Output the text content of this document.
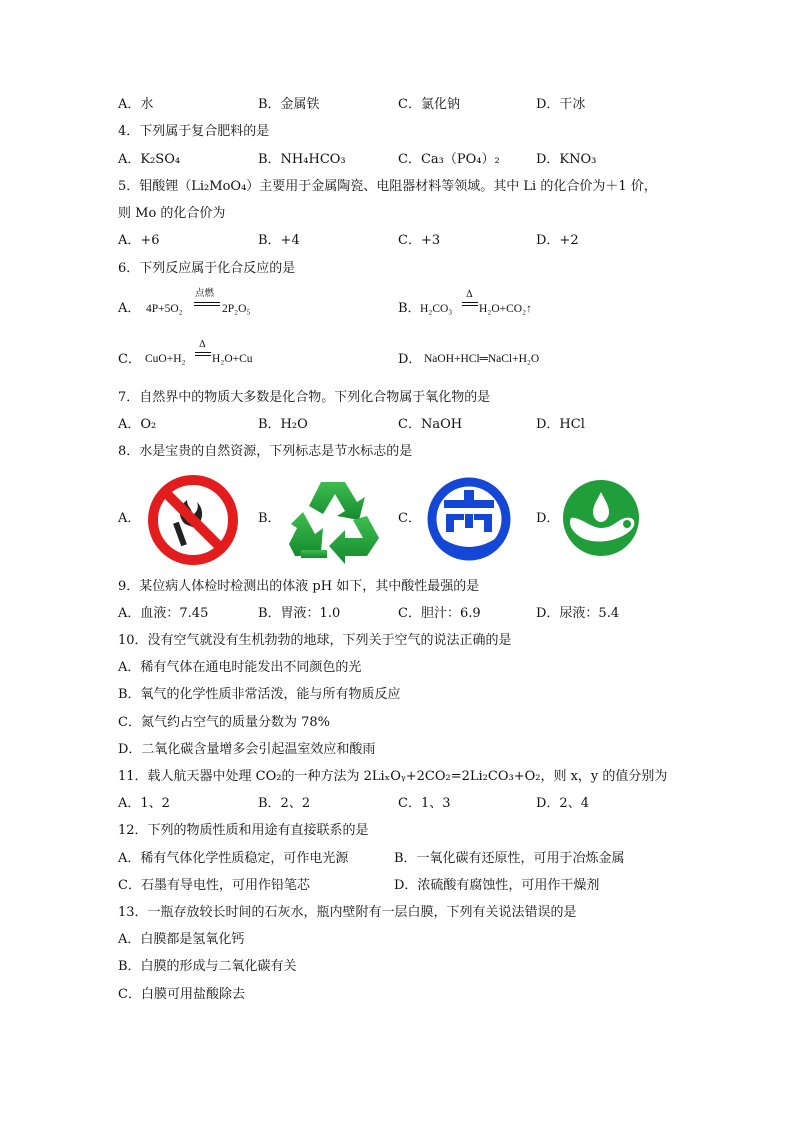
A．水	B．金属铁	C．氯化钠	D．干冰
4．下列属于复合肥料的是
A．K₂SO₄	B．NH₄HCO₃	C．Ca₃（PO₄）₂	D．KNO₃
5．钼酸锂（Li₂MoO₄）主要用于金属陶瓷、电阻器材料等领域。其中 Li 的化合价为＋1 价，
则 Mo 的化合价为
A．+6	B．+4	C．+3	D．+2
6．下列反应属于化合反应的是
A． 4P+5O₂
点燃
2P₂O₅	B． H₂CO₃
Δ
H₂O+CO₂↑
C． CuO+H₂
Δ
H₂O+Cu	D． NaOH+HCl═NaCl+H₂O
7．自然界中的物质大多数是化合物。下列化合物属于氧化物的是
A．O₂	B．H₂O	C．NaOH	D．HCl
8．水是宝贵的自然资源，下列标志是节水标志的是
A．	B．	C．	D．
9．某位病人体检时检测出的体液 pH 如下，其中酸性最强的是
A．血液：7.45	B．胃液：1.0	C．胆汁：6.9	D．尿液：5.4
10．没有空气就没有生机勃勃的地球，下列关于空气的说法正确的是
A．稀有气体在通电时能发出不同颜色的光
B．氧气的化学性质非常活泼，能与所有物质反应
C．氮气约占空气的质量分数为 78%
D．二氧化碳含量增多会引起温室效应和酸雨
11．载人航天器中处理 CO₂的一种方法为 2LiₓOᵧ+2CO₂=2Li₂CO₃+O₂，则 x，y 的值分别为
A．1、2	B．2、2	C．1、3	D．2、4
12．下列的物质性质和用途有直接联系的是
A．稀有气体化学性质稳定，可作电光源	B．一氧化碳有还原性，可用于冶炼金属
C．石墨有导电性，可用作铅笔芯	D．浓硫酸有腐蚀性，可用作干燥剂
13．一瓶存放较长时间的石灰水，瓶内壁附有一层白膜，下列有关说法错误的是
A．白膜都是氢氧化钙
B．白膜的形成与二氧化碳有关
C．白膜可用盐酸除去
